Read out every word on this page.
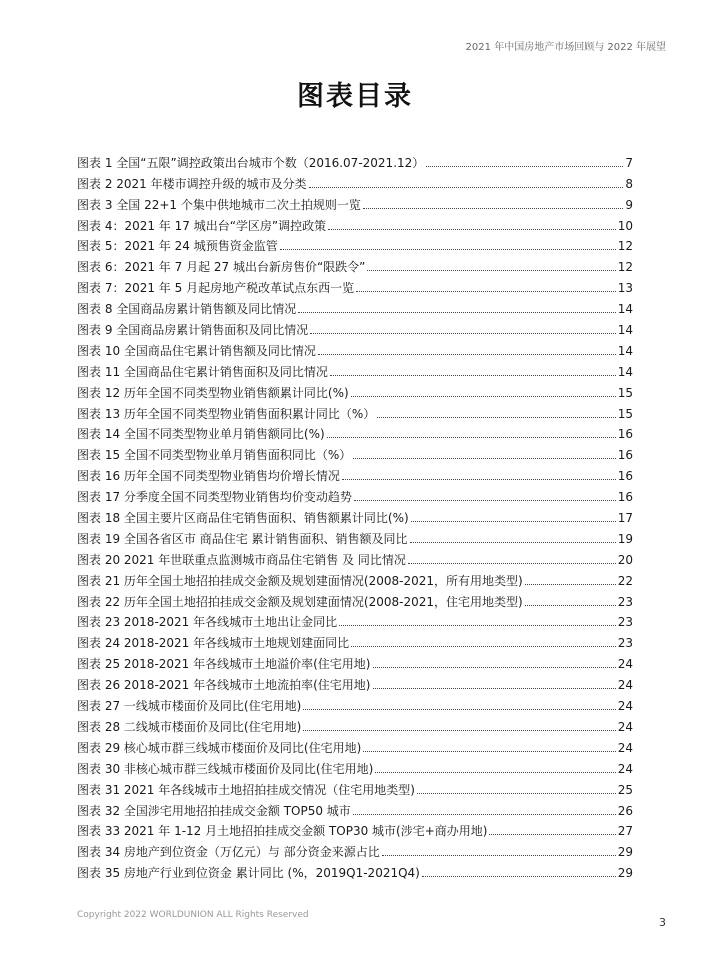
2021 年中国房地产市场回顾与 2022 年展望
图表目录
图表 1 全国“五限”调控政策出台城市个数（2016.07-2021.12）	7
图表 2 2021 年楼市调控升级的城市及分类	8
图表 3 全国 22+1 个集中供地城市二次土拍规则一览	9
图表 4：2021 年 17 城出台“学区房”调控政策	10
图表 5：2021 年 24 城预售资金监管	12
图表 6：2021 年 7 月起 27 城出台新房售价“限跌令”	12
图表 7：2021 年 5 月起房地产税改革试点东西一览	13
图表 8 全国商品房累计销售额及同比情况	14
图表 9 全国商品房累计销售面积及同比情况	14
图表 10 全国商品住宅累计销售额及同比情况	14
图表 11 全国商品住宅累计销售面积及同比情况	14
图表 12 历年全国不同类型物业销售额累计同比(%)	15
图表 13 历年全国不同类型物业销售面积累计同比（%）	15
图表 14 全国不同类型物业单月销售额同比(%)	16
图表 15 全国不同类型物业单月销售面积同比（%）	16
图表 16 历年全国不同类型物业销售均价增长情况	16
图表 17 分季度全国不同类型物业销售均价变动趋势	16
图表 18 全国主要片区商品住宅销售面积、销售额累计同比(%)	17
图表 19 全国各省区市 商品住宅 累计销售面积、销售额及同比	19
图表 20 2021 年世联重点监测城市商品住宅销售 及 同比情况	20
图表 21 历年全国土地招拍挂成交金额及规划建面情况(2008-2021，所有用地类型)	22
图表 22 历年全国土地招拍挂成交金额及规划建面情况(2008-2021，住宅用地类型)	23
图表 23 2018-2021 年各线城市土地出让金同比	23
图表 24 2018-2021 年各线城市土地规划建面同比	23
图表 25 2018-2021 年各线城市土地溢价率(住宅用地)	24
图表 26 2018-2021 年各线城市土地流拍率(住宅用地)	24
图表 27 一线城市楼面价及同比(住宅用地)	24
图表 28 二线城市楼面价及同比(住宅用地)	24
图表 29 核心城市群三线城市楼面价及同比(住宅用地)	24
图表 30 非核心城市群三线城市楼面价及同比(住宅用地)	24
图表 31 2021 年各线城市土地招拍挂成交情况（住宅用地类型)	25
图表 32 全国涉宅用地招拍挂成交金额 TOP50 城市	26
图表 33 2021 年 1-12 月土地招拍挂成交金额 TOP30 城市(涉宅+商办用地)	27
图表 34 房地产到位资金（万亿元）与 部分资金来源占比	29
图表 35 房地产行业到位资金 累计同比 (%，2019Q1-2021Q4)	29
Copyright 2022 WORLDUNION ALL Rights Reserved
3
